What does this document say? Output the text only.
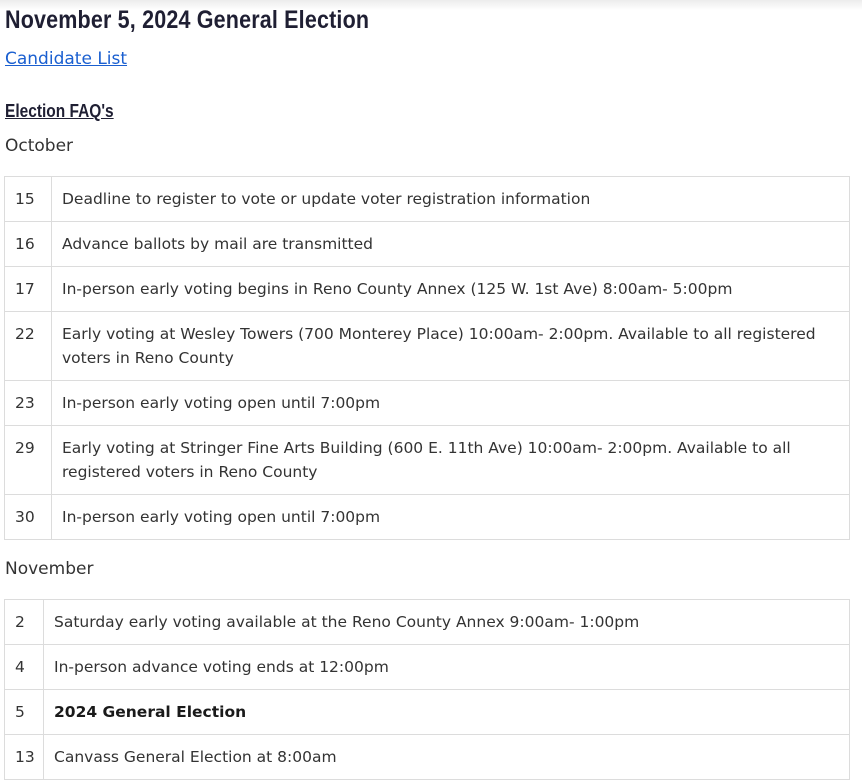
November 5, 2024 General Election
Candidate List
Election FAQ's
October
15	Deadline to register to vote or update voter registration information
16	Advance ballots by mail are transmitted
17	In-person early voting begins in Reno County Annex (125 W. 1st Ave) 8:00am- 5:00pm
22	Early voting at Wesley Towers (700 Monterey Place) 10:00am- 2:00pm. Available to all registered voters in Reno County
23	In-person early voting open until 7:00pm
29	Early voting at Stringer Fine Arts Building (600 E. 11th Ave) 10:00am- 2:00pm. Available to all registered voters in Reno County
30	In-person early voting open until 7:00pm
November
2	Saturday early voting available at the Reno County Annex 9:00am- 1:00pm
4	In-person advance voting ends at 12:00pm
5	2024 General Election
13	Canvass General Election at 8:00am
